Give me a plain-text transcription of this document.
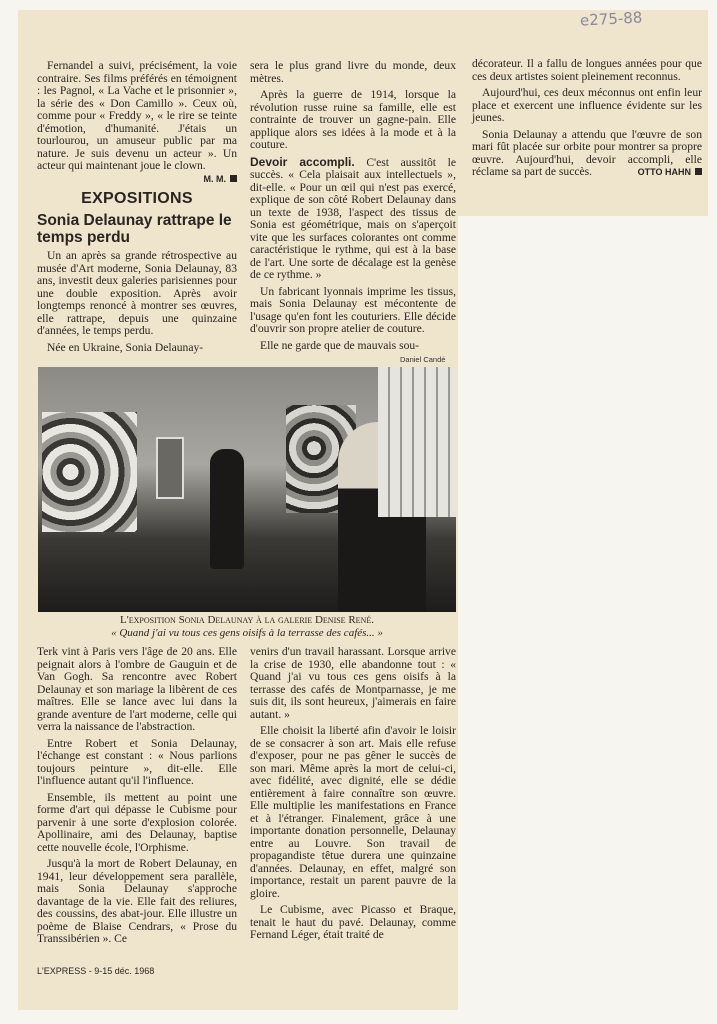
e275-88

Fernandel a suivi, précisément, la voie contraire. Ses films préférés en témoignent : les Pagnol, « La Vache et le prisonnier », la série des « Don Camillo ». Ceux où, comme pour « Freddy », « le rire se teinte d'émotion, d'humanité. J'étais un tourlourou, un amuseur public par ma nature. Je suis devenu un acteur ». Un acteur qui maintenant joue le clown.
M. M.

EXPOSITIONS
Sonia Delaunay rattrape le temps perdu

Un an après sa grande rétrospective au musée d'Art moderne, Sonia Delaunay, 83 ans, investit deux galeries parisiennes pour une double exposition. Après avoir longtemps renoncé à montrer ses œuvres, elle rattrape, depuis une quinzaine d'années, le temps perdu.

Née en Ukraine, Sonia Delaunay-

sera le plus grand livre du monde, deux mètres.

Après la guerre de 1914, lorsque la révolution russe ruine sa famille, elle est contrainte de trouver un gagne-pain. Elle applique alors ses idées à la mode et à la couture.

Devoir accompli. C'est aussitôt le succès. « Cela plaisait aux intellectuels », dit-elle. « Pour un œil qui n'est pas exercé, explique de son côté Robert Delaunay dans un texte de 1938, l'aspect des tissus de Sonia est géométrique, mais on s'aperçoit vite que les surfaces colorantes ont comme caractéristique le rythme, qui est à la base de l'art. Une sorte de décalage est la genèse de ce rythme. »

Un fabricant lyonnais imprime les tissus, mais Sonia Delaunay est mécontente de l'usage qu'en font les couturiers. Elle décide d'ouvrir son propre atelier de couture.

Elle ne garde que de mauvais sou-

Daniel Candé

décorateur. Il a fallu de longues années pour que ces deux artistes soient pleinement reconnus.

Aujourd'hui, ces deux méconnus ont enfin leur place et exercent une influence évidente sur les jeunes.

Sonia Delaunay a attendu que l'œuvre de son mari fût placée sur orbite pour montrer sa propre œuvre. Aujourd'hui, devoir accompli, elle réclame sa part de succès.	OTTO HAHN

L'exposition Sonia Delaunay à la galerie Denise René.
« Quand j'ai vu tous ces gens oisifs à la terrasse des cafés... »

Terk vint à Paris vers l'âge de 20 ans. Elle peignait alors à l'ombre de Gauguin et de Van Gogh. Sa rencontre avec Robert Delaunay et son mariage la libèrent de ces maîtres. Elle se lance avec lui dans la grande aventure de l'art moderne, celle qui verra la naissance de l'abstraction.

Entre Robert et Sonia Delaunay, l'échange est constant : « Nous parlions toujours peinture », dit-elle. Elle l'influence autant qu'il l'influence.

Ensemble, ils mettent au point une forme d'art qui dépasse le Cubisme pour parvenir à une sorte d'explosion colorée. Apollinaire, ami des Delaunay, baptise cette nouvelle école, l'Orphisme.

Jusqu'à la mort de Robert Delaunay, en 1941, leur développement sera parallèle, mais Sonia Delaunay s'approche davantage de la vie. Elle fait des reliures, des coussins, des abat-jour. Elle illustre un poème de Blaise Cendrars, « Prose du Transsibérien ». Ce

venirs d'un travail harassant. Lorsque arrive la crise de 1930, elle abandonne tout : « Quand j'ai vu tous ces gens oisifs à la terrasse des cafés de Montparnasse, je me suis dit, ils sont heureux, j'aimerais en faire autant. »

Elle choisit la liberté afin d'avoir le loisir de se consacrer à son art. Mais elle refuse d'exposer, pour ne pas gêner le succès de son mari. Même après la mort de celui-ci, avec fidélité, avec dignité, elle se dédie entièrement à faire connaître son œuvre. Elle multiplie les manifestations en France et à l'étranger. Finalement, grâce à une importante donation personnelle, Delaunay entre au Louvre. Son travail de propagandiste têtue durera une quinzaine d'années. Delaunay, en effet, malgré son importance, restait un parent pauvre de la gloire.

Le Cubisme, avec Picasso et Braque, tenait le haut du pavé. Delaunay, comme Fernand Léger, était traité de

L'EXPRESS - 9-15 déc. 1968
